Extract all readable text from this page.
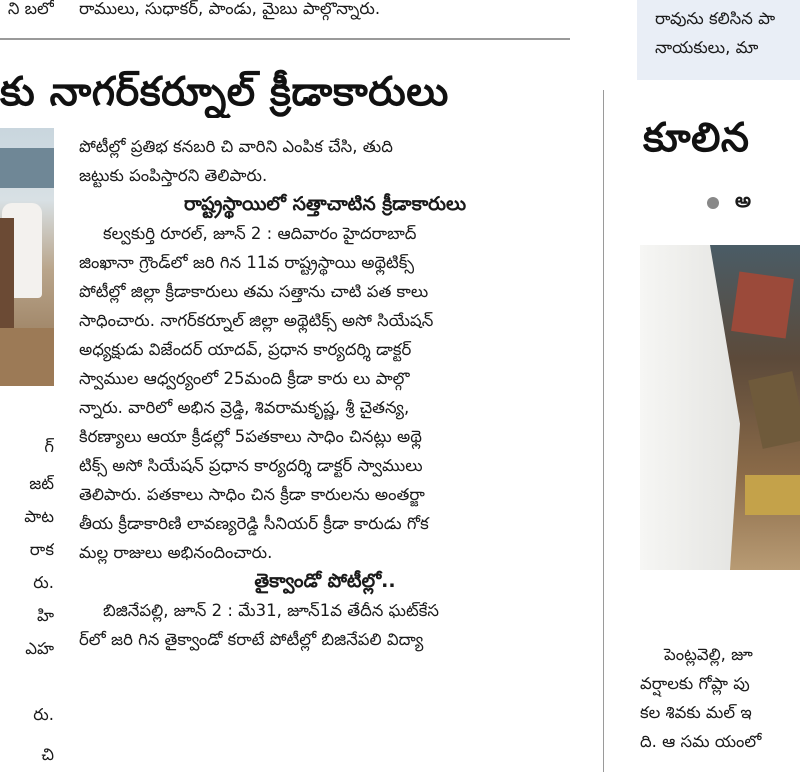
ని బలో
గ్
జట్
పాట
రాక
రు.
హి
ఎహ
రు.
చి
రాములు, సుధాకర్, పాండు, మైబు పాల్గొన్నారు.
కు నాగర్‌కర్నూల్ క్రీడాకారులు
పోటీల్లో ప్రతిభ కనబరి చి వారిని ఎంపిక చేసి, తుది
జట్టుకు పంపిస్తారని తెలిపారు.
రాష్ట్రస్థాయిలో సత్తాచాటిన క్రీడాకారులు
కల్వకుర్తి రూరల్, జూన్ 2 : ఆదివారం హైదరాబాద్
జింఖానా గ్రౌండ్‌లో జరి గిన 11వ రాష్ట్రస్థాయి అథ్లెటిక్స్
పోటీల్లో జిల్లా క్రీడాకారులు తమ సత్తాను చాటి పత కాలు
సాధించారు. నాగర్‌కర్నూల్ జిల్లా అథ్లెటిక్స్ అసో సియేషన్
అధ్యక్షుడు విజేందర్ యాదవ్, ప్రధాన కార్యదర్శి డాక్టర్
స్వాముల ఆధ్వర్యంలో 25మంది క్రీడా కారు లు పాల్గొ
న్నారు. వారిలో అభిన వ్రెడ్డి, శివరామకృష్ణ, శ్రీ చైతన్య,
కిరణ్యాలు ఆయా క్రీడల్లో 5పతకాలు సాధిం చినట్లు అథ్లె
టిక్స్ అసో సియేషన్ ప్రధాన కార్యదర్శి డాక్టర్ స్వాములు
తెలిపారు. పతకాలు సాధిం చిన క్రీడా కారులను అంతర్జా
తీయ క్రీడాకారిణి లావణ్యరెడ్డి సీనియర్ క్రీడా కారుడు గోక
మల్ల రాజులు అభినందించారు.
తైక్వాండో పోటీల్లో..
బిజినేపల్లి, జూన్ 2 : మే31, జూన్1వ తేదీన ఘట్‌కేస
ర్‌లో జరి గిన తైక్వాండో కరాటే పోటీల్లో బిజినేపలి విద్యా
రావును కలిసిన పా
నాయకులు, మా
కూలిన
అ
పెంట్లవెల్లి, జూ
వర్షాలకు గోప్లా పు
కల శివకు మల్ ఇ
ది. ఆ సమ యంలో
